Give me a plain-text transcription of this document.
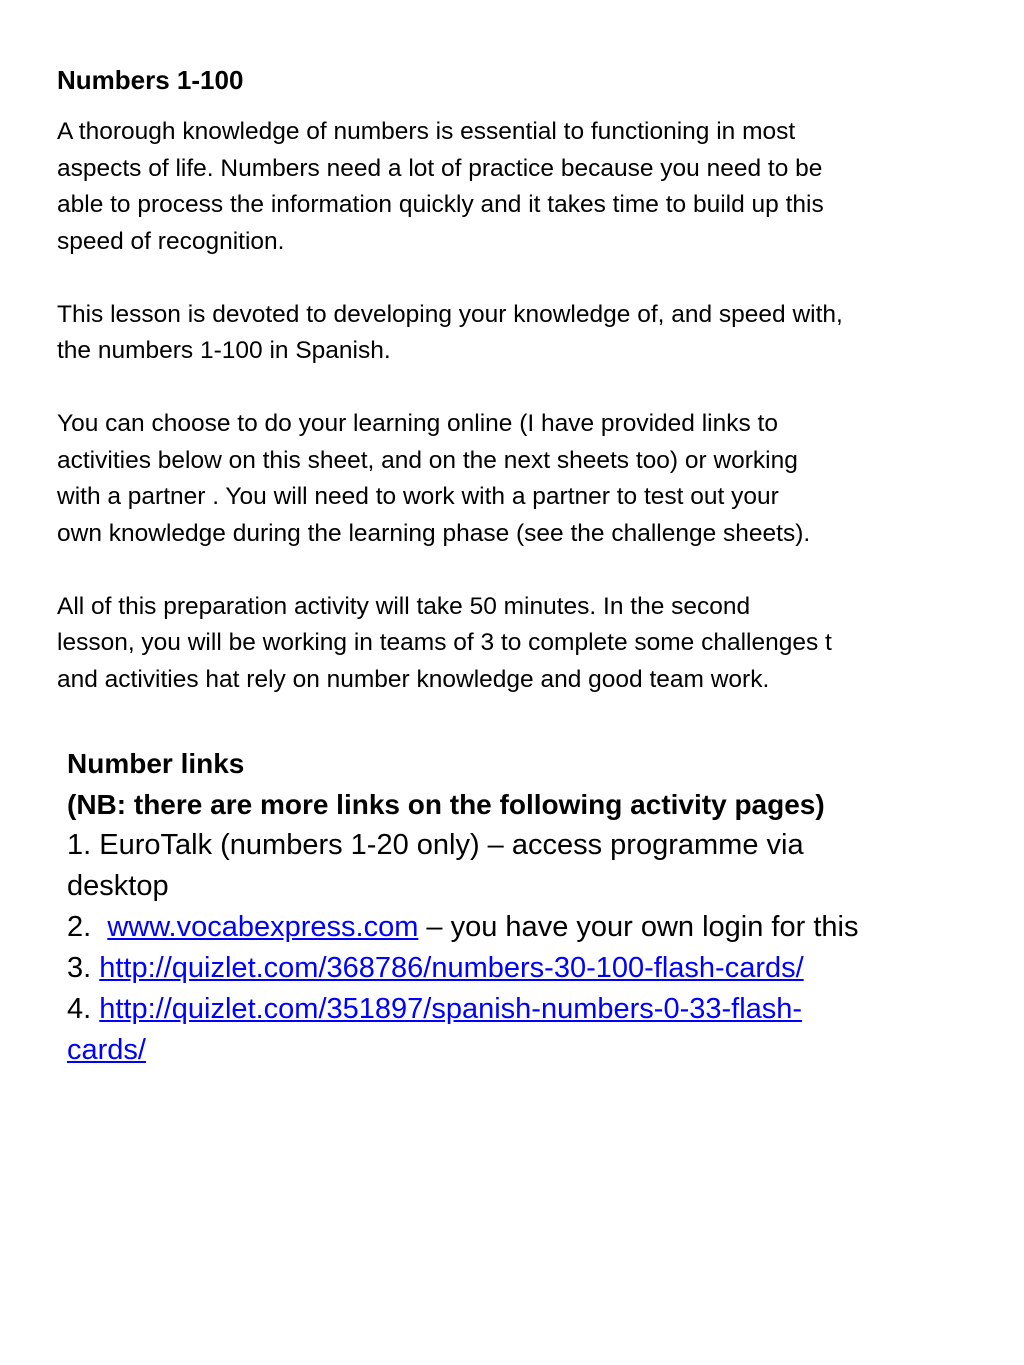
Numbers 1-100
A thorough knowledge of numbers is essential to functioning in most
aspects of life. Numbers need a lot of practice because you need to be
able to process the information quickly and it takes time to build up this
speed of recognition.
This lesson is devoted to developing your knowledge of, and speed with,
the numbers 1-100 in Spanish.
You can choose to do your learning online (I have provided links to
activities below on this sheet, and on the next sheets too) or working
with a partner . You will need to work with a partner to test out your
own knowledge during the learning phase (see the challenge sheets).
All of this preparation activity will take 50 minutes. In the second
lesson, you will be working in teams of 3 to complete some challenges t
and activities hat rely on number knowledge and good team work.
Number links
(NB: there are more links on the following activity pages)
1. EuroTalk (numbers 1-20 only) – access programme via
desktop
2.  www.vocabexpress.com – you have your own login for this
3. http://quizlet.com/368786/numbers-30-100-flash-cards/
4. http://quizlet.com/351897/spanish-numbers-0-33-flash-
cards/
